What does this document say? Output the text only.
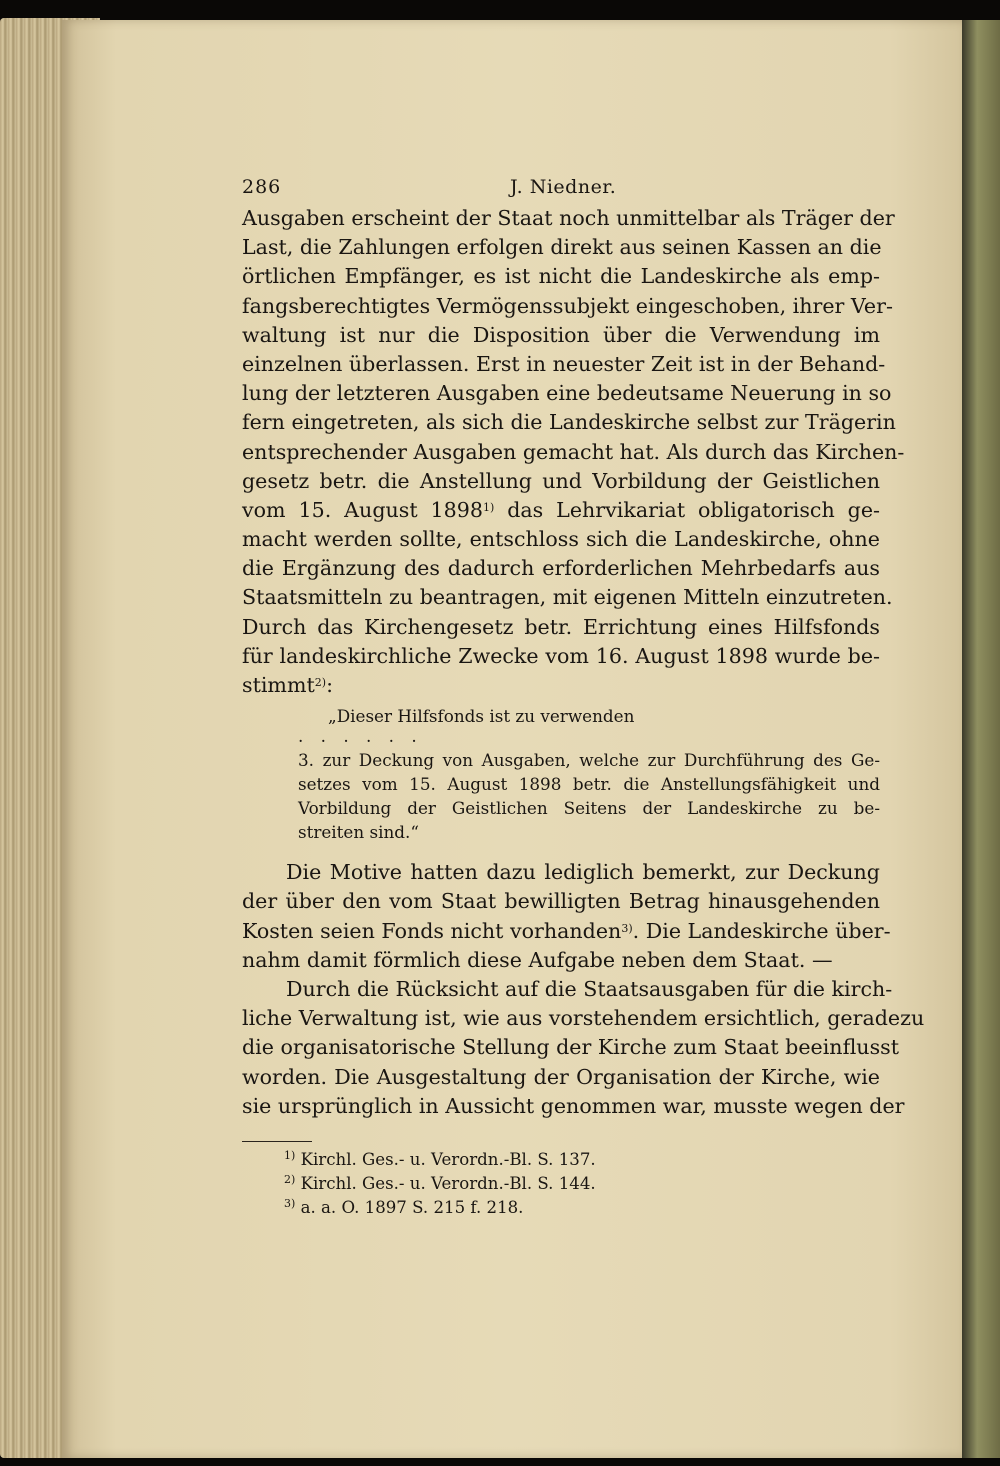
286	J. Niedner.
Ausgaben erscheint der Staat noch unmittelbar als Träger der
Last, die Zahlungen erfolgen direkt aus seinen Kassen an die
örtlichen Empfänger, es ist nicht die Landeskirche als emp-
fangsberechtigtes Vermögenssubjekt eingeschoben, ihrer Ver-
waltung ist nur die Disposition über die Verwendung im
einzelnen überlassen. Erst in neuester Zeit ist in der Behand-
lung der letzteren Ausgaben eine bedeutsame Neuerung in so
fern eingetreten, als sich die Landeskirche selbst zur Trägerin
entsprechender Ausgaben gemacht hat. Als durch das Kirchen-
gesetz betr. die Anstellung und Vorbildung der Geistlichen
vom 15. August 1898$^{1)}$ das Lehrvikariat obligatorisch ge-
macht werden sollte, entschloss sich die Landeskirche, ohne
die Ergänzung des dadurch erforderlichen Mehrbedarfs aus
Staatsmitteln zu beantragen, mit eigenen Mitteln einzutreten.
Durch das Kirchengesetz betr. Errichtung eines Hilfsfonds
für landeskirchliche Zwecke vom 16. August 1898 wurde be-
stimmt$^{2)}$:
„Dieser Hilfsfonds ist zu verwenden
. . . . . .
3. zur Deckung von Ausgaben, welche zur Durchführung des Ge-
setzes vom 15. August 1898 betr. die Anstellungsfähigkeit und
Vorbildung der Geistlichen Seitens der Landeskirche zu be-
streiten sind.“
Die Motive hatten dazu lediglich bemerkt, zur Deckung
der über den vom Staat bewilligten Betrag hinausgehenden
Kosten seien Fonds nicht vorhanden$^{3)}$. Die Landeskirche über-
nahm damit förmlich diese Aufgabe neben dem Staat. —
Durch die Rücksicht auf die Staatsausgaben für die kirch-
liche Verwaltung ist, wie aus vorstehendem ersichtlich, geradezu
die organisatorische Stellung der Kirche zum Staat beeinflusst
worden. Die Ausgestaltung der Organisation der Kirche, wie
sie ursprünglich in Aussicht genommen war, musste wegen der
$^{1)}$ Kirchl. Ges.- u. Verordn.-Bl. S. 137.
$^{2)}$ Kirchl. Ges.- u. Verordn.-Bl. S. 144.
$^{3)}$ a. a. O. 1897 S. 215 f. 218.
